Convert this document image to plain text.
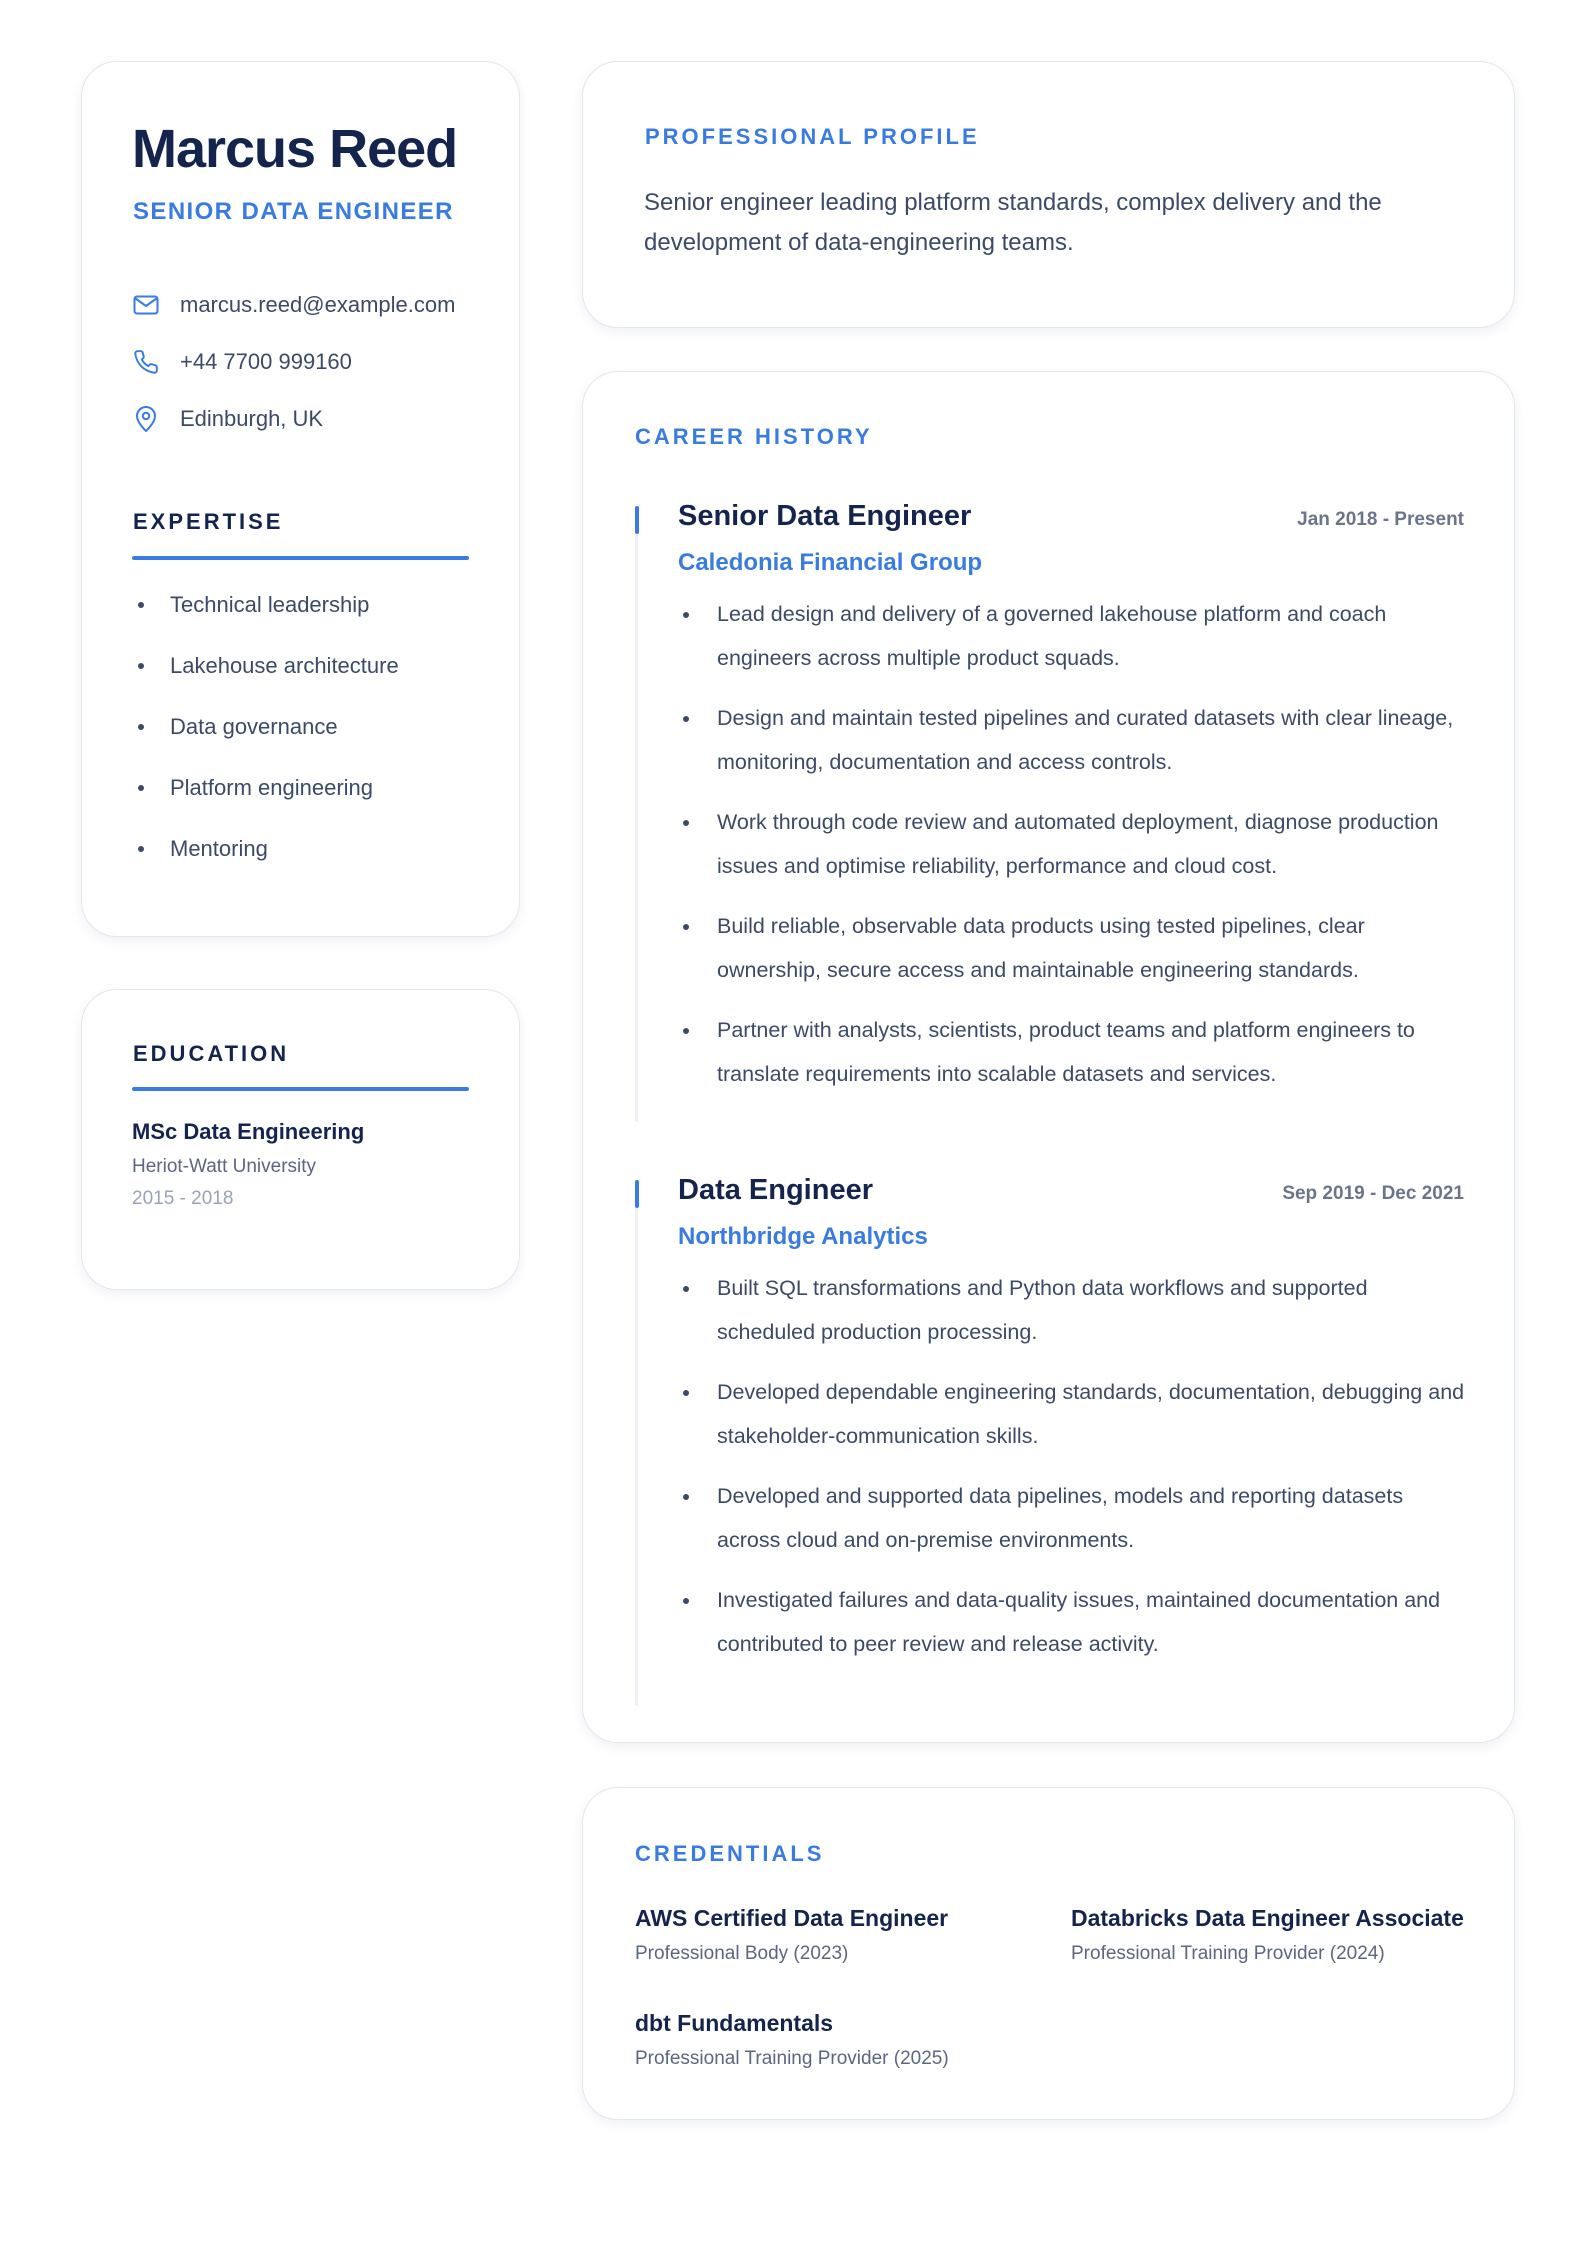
Marcus Reed
SENIOR DATA ENGINEER
marcus.reed@example.com
+44 7700 999160
Edinburgh, UK
EXPERTISE
Technical leadership
Lakehouse architecture
Data governance
Platform engineering
Mentoring
EDUCATION
MSc Data Engineering
Heriot-Watt University
2015 - 2018
PROFESSIONAL PROFILE
Senior engineer leading platform standards, complex delivery and the development of data-engineering teams.
CAREER HISTORY
Senior Data Engineer	Jan 2018 - Present
Caledonia Financial Group
Lead design and delivery of a governed lakehouse platform and coach engineers across multiple product squads.
Design and maintain tested pipelines and curated datasets with clear lineage, monitoring, documentation and access controls.
Work through code review and automated deployment, diagnose production issues and optimise reliability, performance and cloud cost.
Build reliable, observable data products using tested pipelines, clear ownership, secure access and maintainable engineering standards.
Partner with analysts, scientists, product teams and platform engineers to translate requirements into scalable datasets and services.
Data Engineer	Sep 2019 - Dec 2021
Northbridge Analytics
Built SQL transformations and Python data workflows and supported scheduled production processing.
Developed dependable engineering standards, documentation, debugging and stakeholder-communication skills.
Developed and supported data pipelines, models and reporting datasets across cloud and on-premise environments.
Investigated failures and data-quality issues, maintained documentation and contributed to peer review and release activity.
CREDENTIALS
AWS Certified Data Engineer
Professional Body (2023)
Databricks Data Engineer Associate
Professional Training Provider (2024)
dbt Fundamentals
Professional Training Provider (2025)
